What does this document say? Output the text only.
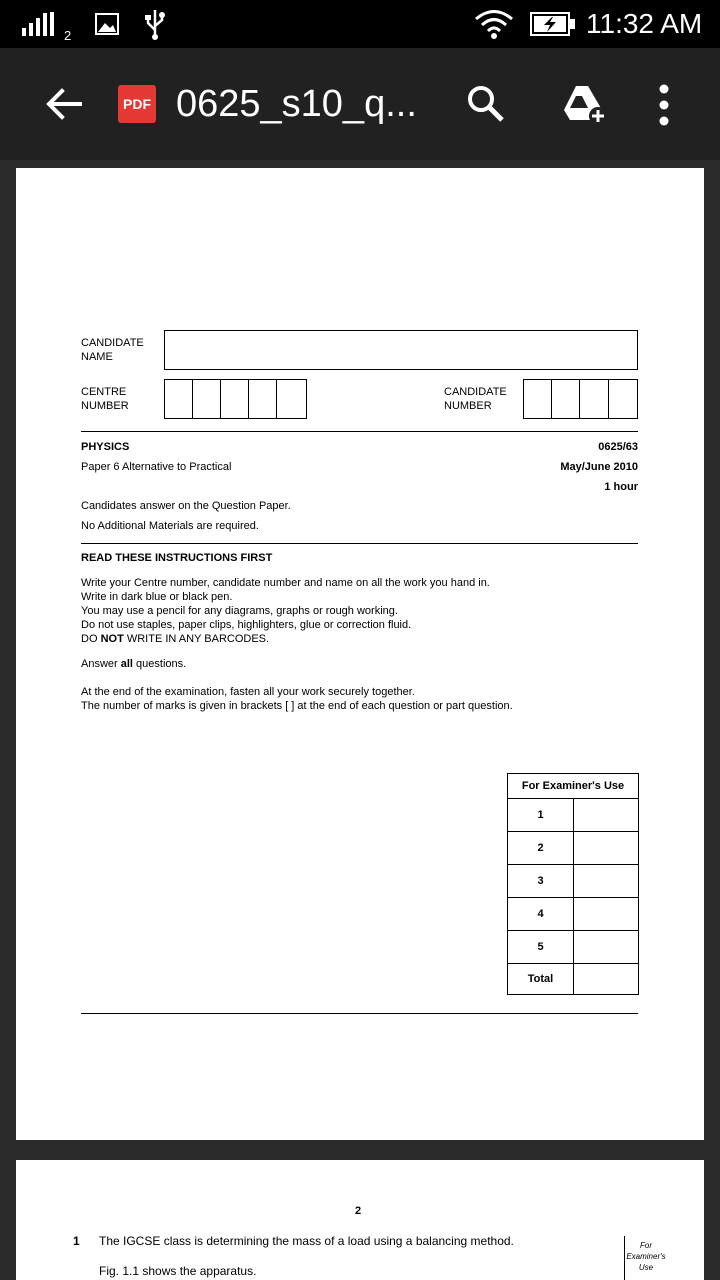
2	11:32 AM
PDF 0625_s10_q...
CANDIDATE
NAME
CENTRE
NUMBER
CANDIDATE
NUMBER
PHYSICS
Paper 6 Alternative to Practical
0625/63
May/June 2010
1 hour
Candidates answer on the Question Paper.
No Additional Materials are required.
READ THESE INSTRUCTIONS FIRST
Write your Centre number, candidate number and name on all the work you hand in.
Write in dark blue or black pen.
You may use a pencil for any diagrams, graphs or rough working.
Do not use staples, paper clips, highlighters, glue or correction fluid.
DO NOT WRITE IN ANY BARCODES.
Answer all questions.
At the end of the examination, fasten all your work securely together.
The number of marks is given in brackets [ ] at the end of each question or part question.
For Examiner's Use
1
2
3
4
5
Total
2
1 The IGCSE class is determining the mass of a load using a balancing method.
Fig. 1.1 shows the apparatus.
For
Examiner's
Use
